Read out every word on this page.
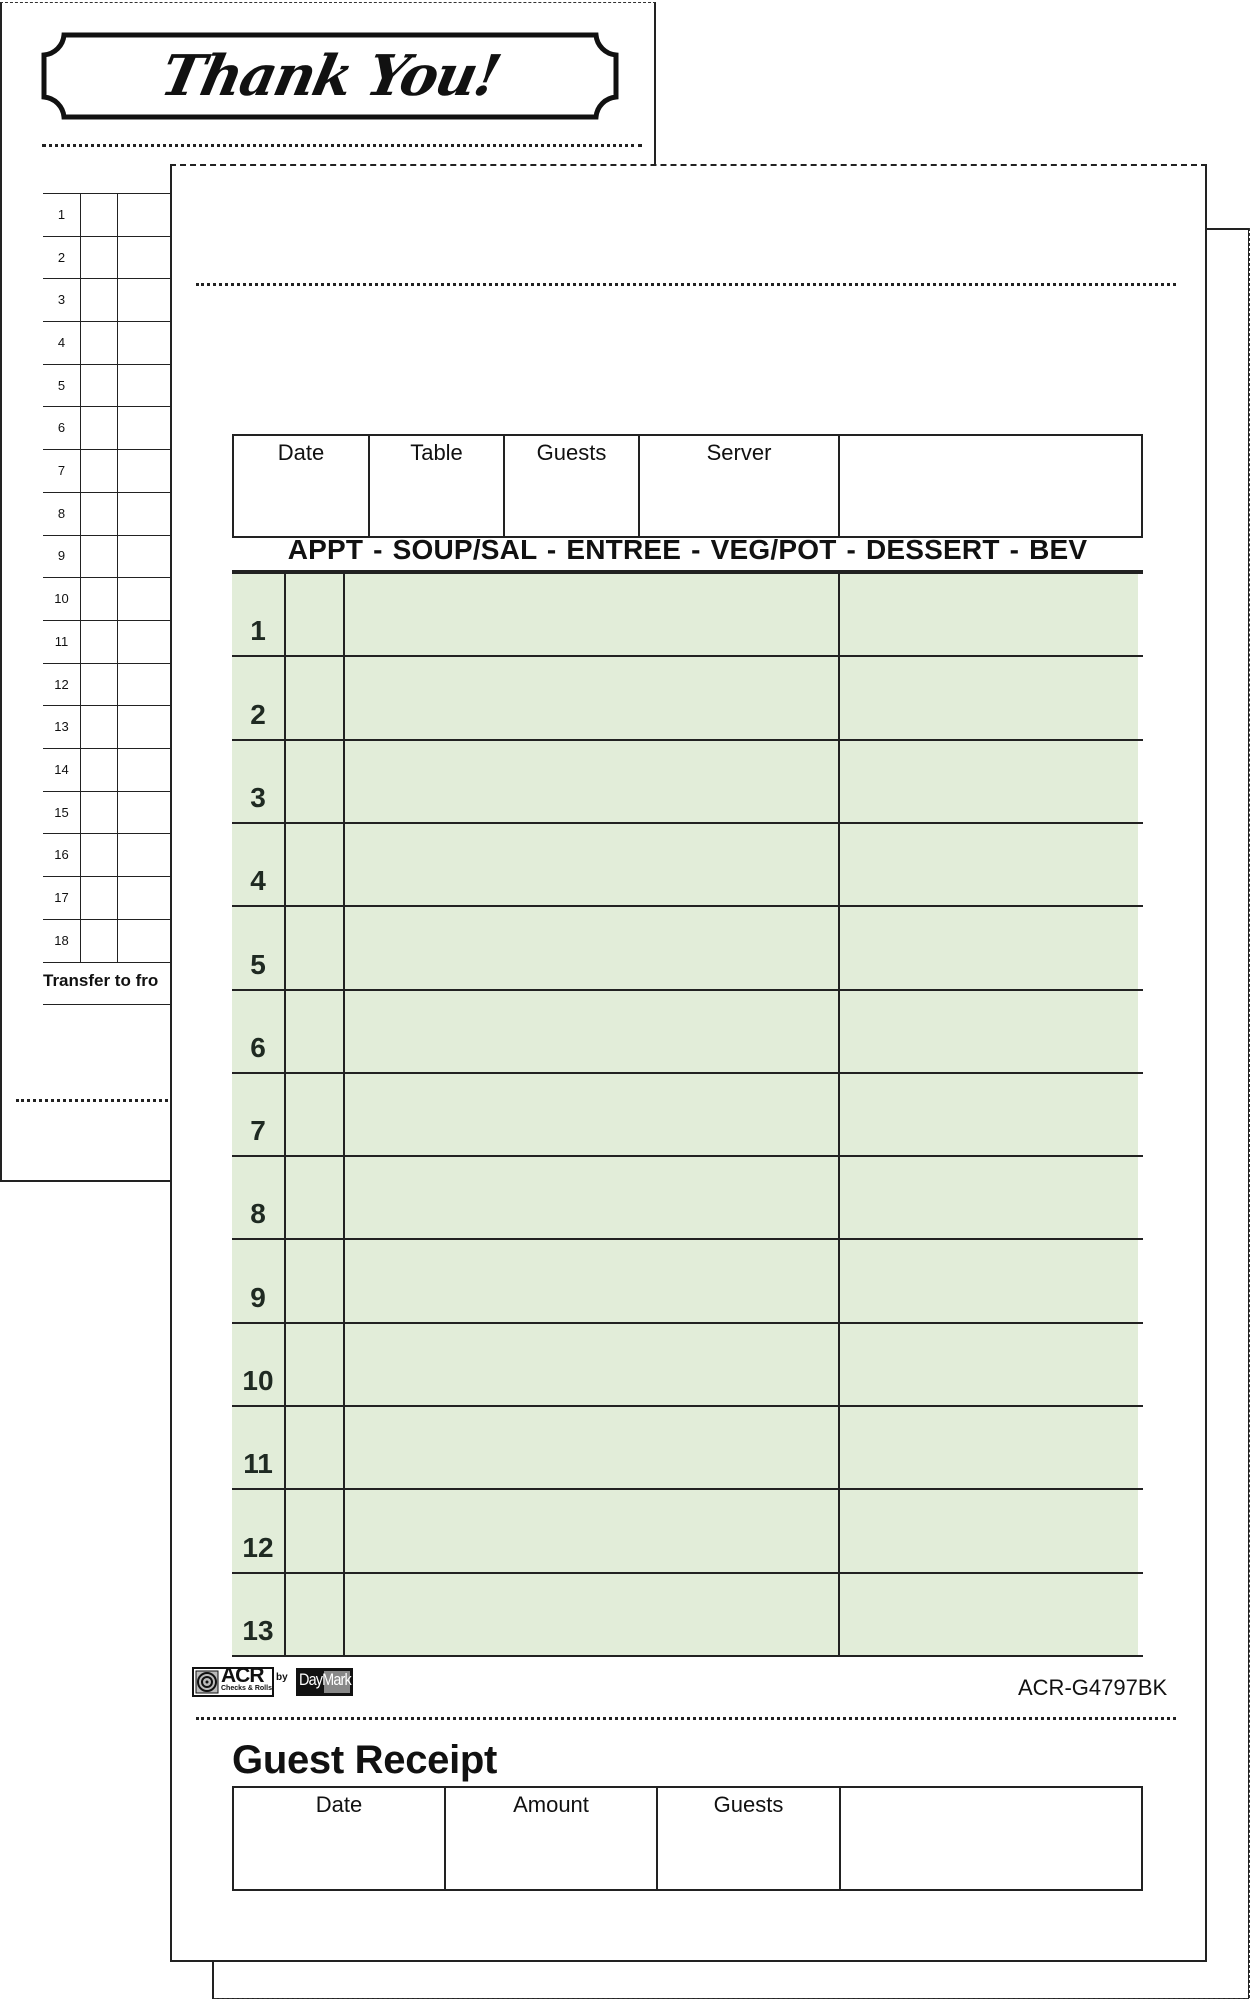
Thank You!
1
2
3
4
5
6
7
8
9
10
11
12
13
14
15
16
17
18
Transfer to fro
Date	Table	Guests	Server
APPT - SOUP/SAL - ENTREE - VEG/POT - DESSERT - BEV
1
2
3
4
5
6
7
8
9
10
11
12
13
ACR
Checks & Rolls
by DayMark	ACR-G4797BK
Guest Receipt
Date	Amount	Guests
